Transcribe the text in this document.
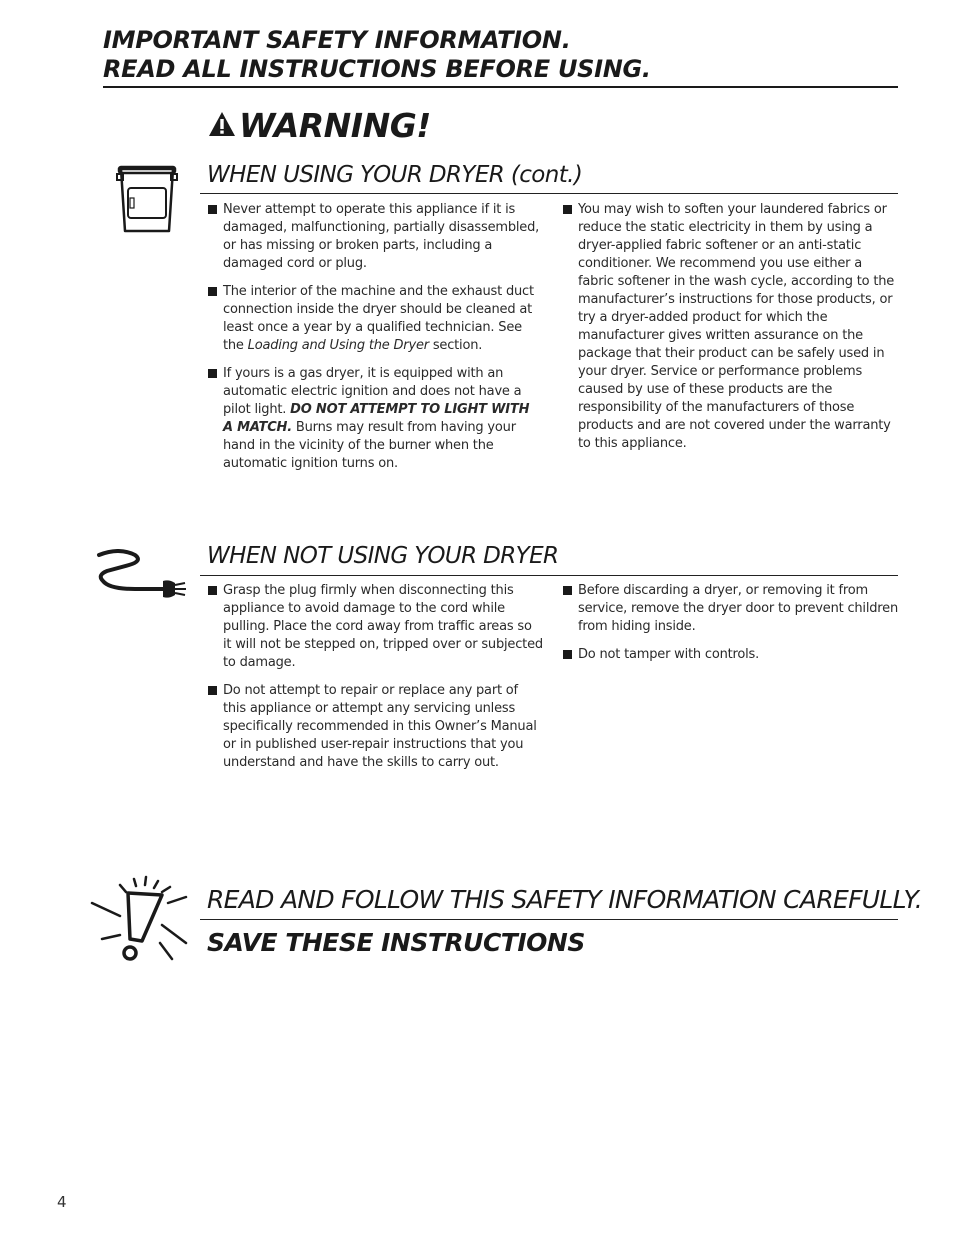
IMPORTANT SAFETY INFORMATION.
READ ALL INSTRUCTIONS BEFORE USING.
WARNING!
WHEN USING YOUR DRYER (cont.)

Never attempt to operate this appliance if it is damaged, malfunctioning, partially disassembled, or has missing or broken parts, including a damaged cord or plug.

The interior of the machine and the exhaust duct connection inside the dryer should be cleaned at least once a year by a qualified technician. See the Loading and Using the Dryer section.

If yours is a gas dryer, it is equipped with an automatic electric ignition and does not have a pilot light. DO NOT ATTEMPT TO LIGHT WITH A MATCH. Burns may result from having your hand in the vicinity of the burner when the automatic ignition turns on.

You may wish to soften your laundered fabrics or reduce the static electricity in them by using a dryer-applied fabric softener or an anti-static conditioner. We recommend you use either a fabric softener in the wash cycle, according to the manufacturer’s instructions for those products, or try a dryer-added product for which the manufacturer gives written assurance on the package that their product can be safely used in your dryer. Service or performance problems caused by use of these products are the responsibility of the manufacturers of those products and are not covered under the warranty to this appliance.

WHEN NOT USING YOUR DRYER

Grasp the plug firmly when disconnecting this appliance to avoid damage to the cord while pulling. Place the cord away from traffic areas so it will not be stepped on, tripped over or subjected to damage.

Do not attempt to repair or replace any part of this appliance or attempt any servicing unless specifically recommended in this Owner’s Manual or in published user-repair instructions that you understand and have the skills to carry out.

Before discarding a dryer, or removing it from service, remove the dryer door to prevent children from hiding inside.

Do not tamper with controls.

READ AND FOLLOW THIS SAFETY INFORMATION CAREFULLY.
SAVE THESE INSTRUCTIONS
4
